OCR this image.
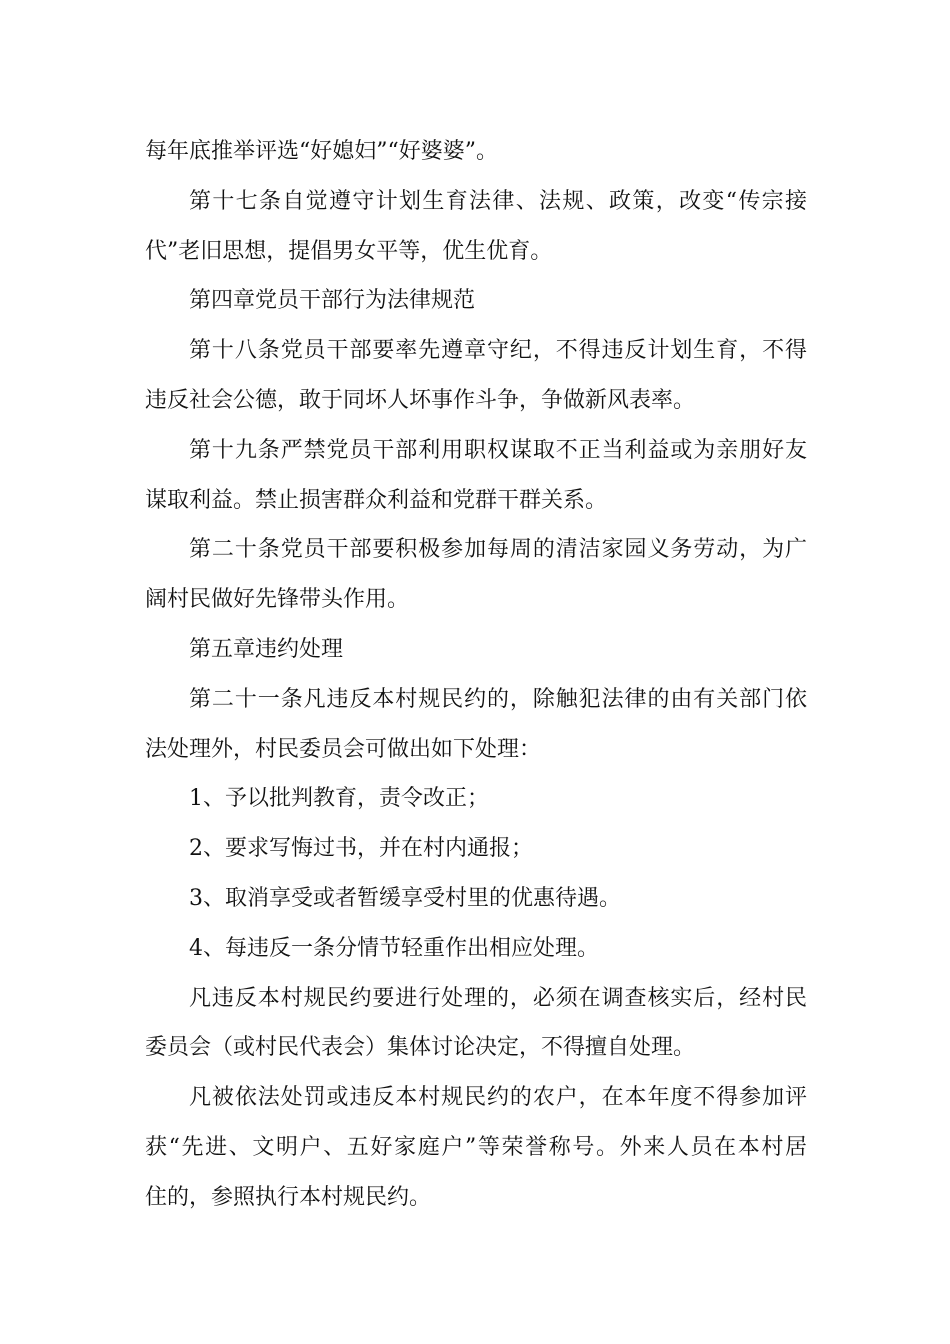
每年底推举评选“好媳妇”“好婆婆”。
第十七条自觉遵守计划生育法律、法规、政策，改变“传宗接
代”老旧思想，提倡男女平等，优生优育。
第四章党员干部行为法律规范
第十八条党员干部要率先遵章守纪，不得违反计划生育，不得
违反社会公德，敢于同坏人坏事作斗争，争做新风表率。
第十九条严禁党员干部利用职权谋取不正当利益或为亲朋好友
谋取利益。禁止损害群众利益和党群干群关系。
第二十条党员干部要积极参加每周的清洁家园义务劳动，为广
阔村民做好先锋带头作用。
第五章违约处理
第二十一条凡违反本村规民约的，除触犯法律的由有关部门依
法处理外，村民委员会可做出如下处理：
1、予以批判教育，责令改正；
2、要求写悔过书，并在村内通报；
3、取消享受或者暂缓享受村里的优惠待遇。
4、每违反一条分情节轻重作出相应处理。
凡违反本村规民约要进行处理的，必须在调查核实后，经村民
委员会（或村民代表会）集体讨论决定，不得擅自处理。
凡被依法处罚或违反本村规民约的农户，在本年度不得参加评
获“先进、文明户、五好家庭户”等荣誉称号。外来人员在本村居
住的，参照执行本村规民约。
